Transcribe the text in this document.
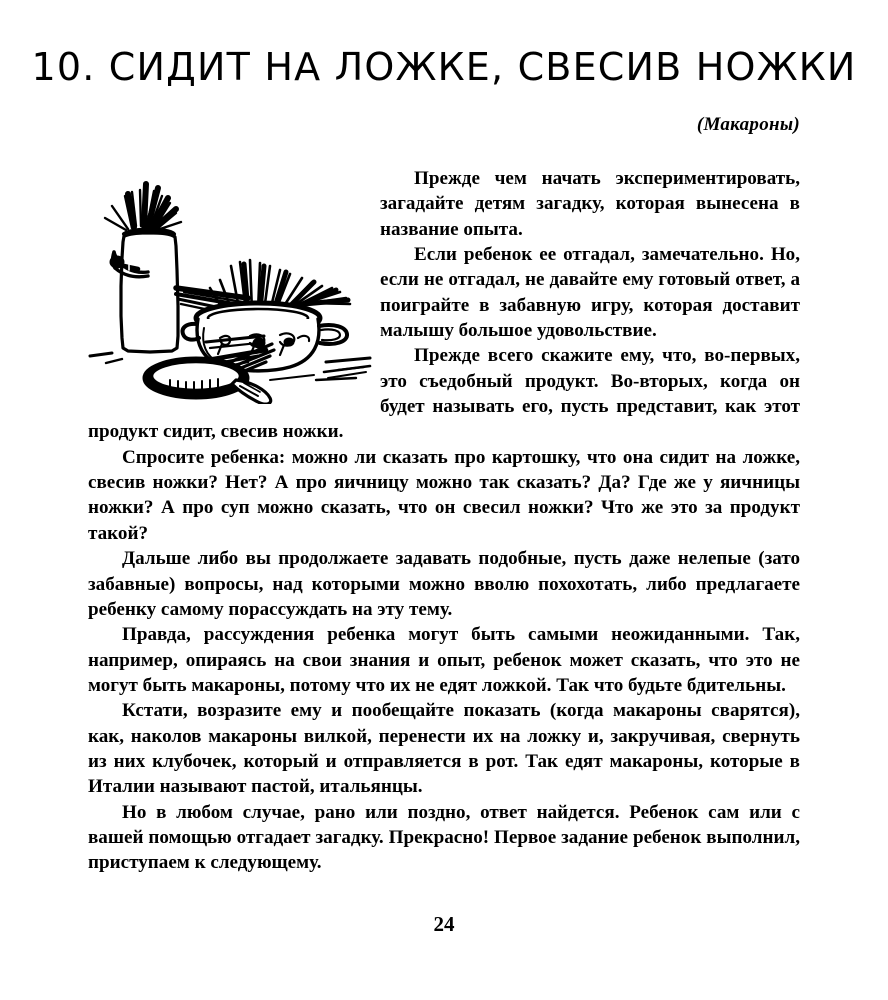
10. СИДИТ НА ЛОЖКЕ, СВЕСИВ НОЖКИ
(Макароны)

Прежде чем начать экспериментировать, загадайте детям загадку, которая вынесена в название опыта.

Если ребенок ее отгадал, замечательно. Но, если не отгадал, не давайте ему готовый ответ, а поиграйте в забавную игру, которая доставит малышу большое удовольствие.

Прежде всего скажите ему, что, во-первых, это съедобный продукт. Во-вторых, когда он будет называть его, пусть представит, как этот продукт сидит, свесив ножки.

Спросите ребенка: можно ли сказать про картошку, что она сидит на ложке, свесив ножки? Нет? А про яичницу можно так сказать? Да? Где же у яичницы ножки? А про суп можно сказать, что он свесил ножки? Что же это за продукт такой?

Дальше либо вы продолжаете задавать подобные, пусть даже нелепые (зато забавные) вопросы, над которыми можно вволю похохотать, либо предлагаете ребенку самому порассуждать на эту тему.

Правда, рассуждения ребенка могут быть самыми неожиданными. Так, например, опираясь на свои знания и опыт, ребенок может сказать, что это не могут быть макароны, потому что их не едят ложкой. Так что будьте бдительны.

Кстати, возразите ему и пообещайте показать (когда макароны сварятся), как, наколов макароны вилкой, перенести их на ложку и, закручивая, свернуть из них клубочек, который и отправляется в рот. Так едят макароны, которые в Италии называют пастой, итальянцы.

Но в любом случае, рано или поздно, ответ найдется. Ребенок сам или с вашей помощью отгадает загадку. Прекрасно! Первое задание ребенок выполнил, приступаем к следующему.

24
